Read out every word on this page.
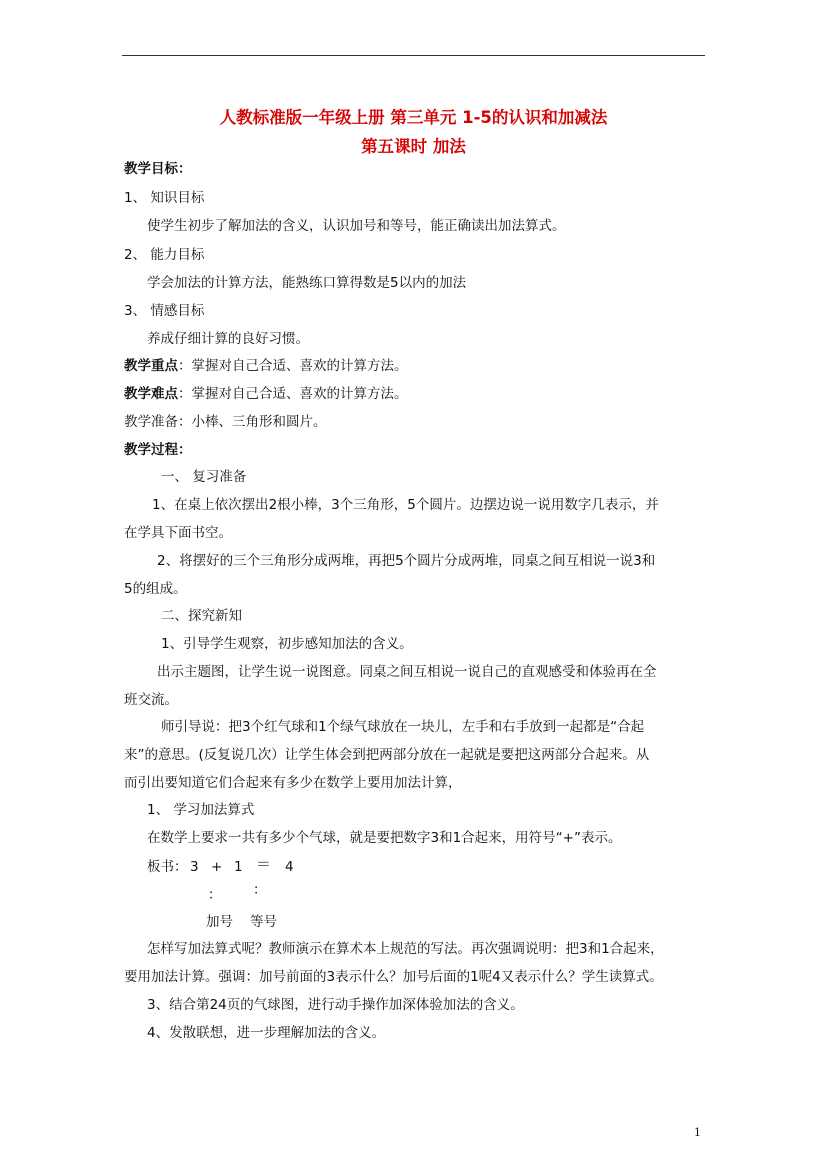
人教标准版一年级上册 第三单元 1-5的认识和加减法
第五课时 加法
教学目标：
1、 知识目标
使学生初步了解加法的含义，认识加号和等号，能正确读出加法算式。
2、 能力目标
学会加法的计算方法，能熟练口算得数是5以内的加法
3、 情感目标
养成仔细计算的良好习惯。
教学重点：掌握对自己合适、喜欢的计算方法。
教学难点：掌握对自己合适、喜欢的计算方法。
教学准备：小棒、三角形和圆片。
教学过程：
一、 复习准备
1、在桌上依次摆出2根小棒，3个三角形，5个圆片。边摆边说一说用数字几表示，并
在学具下面书空。
2、将摆好的三个三角形分成两堆，再把5个圆片分成两堆，同桌之间互相说一说3和
5的组成。
二、探究新知
1、引导学生观察，初步感知加法的含义。
出示主题图，让学生说一说图意。同桌之间互相说一说自己的直观感受和体验再在全
班交流。
师引导说：把3个红气球和1个绿气球放在一块儿，左手和右手放到一起都是“合起
来”的意思。(反复说几次）让学生体会到把两部分放在一起就是要把这两部分合起来。从
而引出要知道它们合起来有多少在数学上要用加法计算，
1、 学习加法算式
在数学上要求一共有多少个气球，就是要把数字3和1合起来，用符号“+”表示。
板书： 3 + 1 ＝ 4
： ：
加号 等号
怎样写加法算式呢？教师演示在算术本上规范的写法。再次强调说明：把3和1合起来，
要用加法计算。强调：加号前面的3表示什么？加号后面的1呢4又表示什么？学生读算式。
3、结合第24页的气球图，进行动手操作加深体验加法的含义。
4、发散联想，进一步理解加法的含义。
1
